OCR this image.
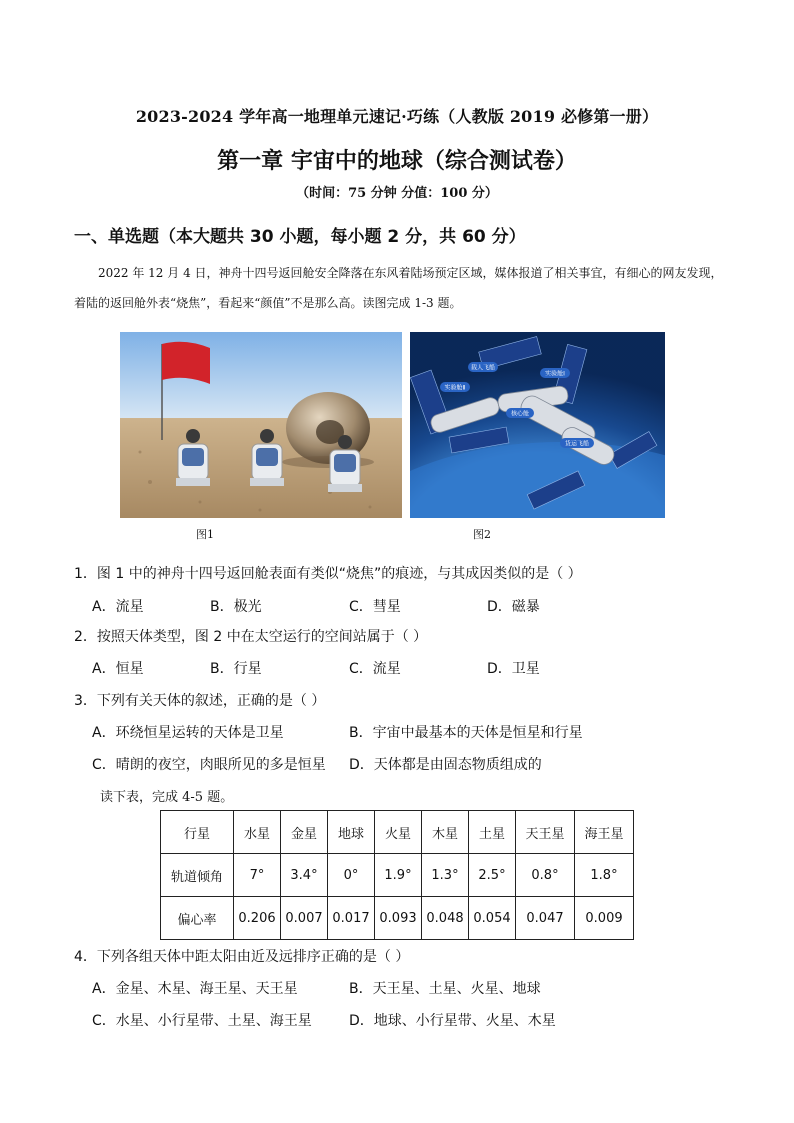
2023-2024 学年高一地理单元速记·巧练（人教版 2019 必修第一册）
第一章 宇宙中的地球（综合测试卷）
（时间：75 分钟 分值：100 分）
一、单选题（本大题共 30 小题，每小题 2 分，共 60 分）
2022 年 12 月 4 日，神舟十四号返回舱安全降落在东风着陆场预定区域，媒体报道了相关事宜，有细心的网友发现，着陆的返回舱外表“烧焦”，看起来“颜值”不是那么高。读图完成 1-3 题。
载人飞船
实验舱Ⅱ
实验舱Ⅰ
核心舱
货运飞船
图1	图2
1．图 1 中的神舟十四号返回舱表面有类似“烧焦”的痕迹，与其成因类似的是（ ）
A．流星	B．极光	C．彗星	D．磁暴
2．按照天体类型，图 2 中在太空运行的空间站属于（ ）
A．恒星	B．行星	C．流星	D．卫星
3．下列有关天体的叙述，正确的是（ ）
A．环绕恒星运转的天体是卫星	B．宇宙中最基本的天体是恒星和行星
C．晴朗的夜空，肉眼所见的多是恒星 D．天体都是由固态物质组成的
读下表，完成 4-5 题。
行星	水星	金星	地球	火星	木星	土星	天王星	海王星
轨道倾角	7°	3.4°	0°	1.9°	1.3°	2.5°	0.8°	1.8°
偏心率	0.206	0.007	0.017	0.093	0.048	0.054	0.047	0.009
4．下列各组天体中距太阳由近及远排序正确的是（ ）
A．金星、木星、海王星、天王星	B．天王星、土星、火星、地球
C．水星、小行星带、土星、海王星	D．地球、小行星带、火星、木星
